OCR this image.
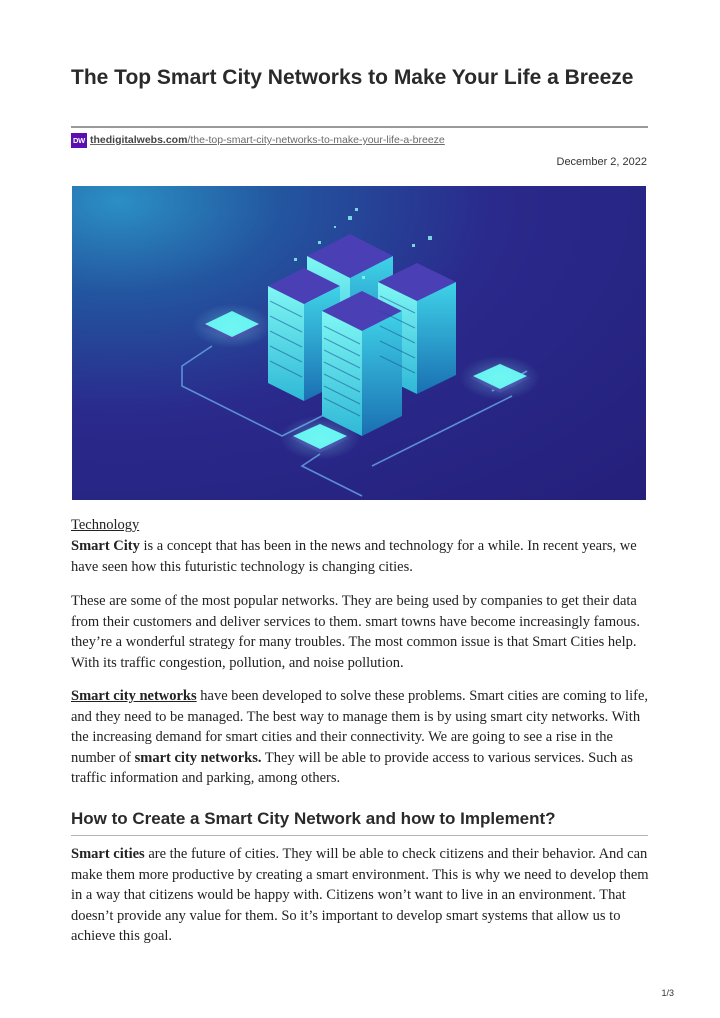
The Top Smart City Networks to Make Your Life a Breeze
DW thedigitalwebs.com/the-top-smart-city-networks-to-make-your-life-a-breeze
December 2, 2022
Technology

Smart City is a concept that has been in the news and technology for a while. In recent years, we have seen how this futuristic technology is changing cities.

These are some of the most popular networks. They are being used by companies to get their data from their customers and deliver services to them. smart towns have become increasingly famous. they’re a wonderful strategy for many troubles. The most common issue is that Smart Cities help. With its traffic congestion, pollution, and noise pollution.

Smart city networks have been developed to solve these problems. Smart cities are coming to life, and they need to be managed. The best way to manage them is by using smart city networks. With the increasing demand for smart cities and their connectivity. We are going to see a rise in the number of smart city networks. They will be able to provide access to various services. Such as traffic information and parking, among others.

How to Create a Smart City Network and how to Implement?

Smart cities are the future of cities. They will be able to check citizens and their behavior. And can make them more productive by creating a smart environment. This is why we need to develop them in a way that citizens would be happy with. Citizens won’t want to live in an environment. That doesn’t provide any value for them. So it’s important to develop smart systems that allow us to achieve this goal.

1/3
